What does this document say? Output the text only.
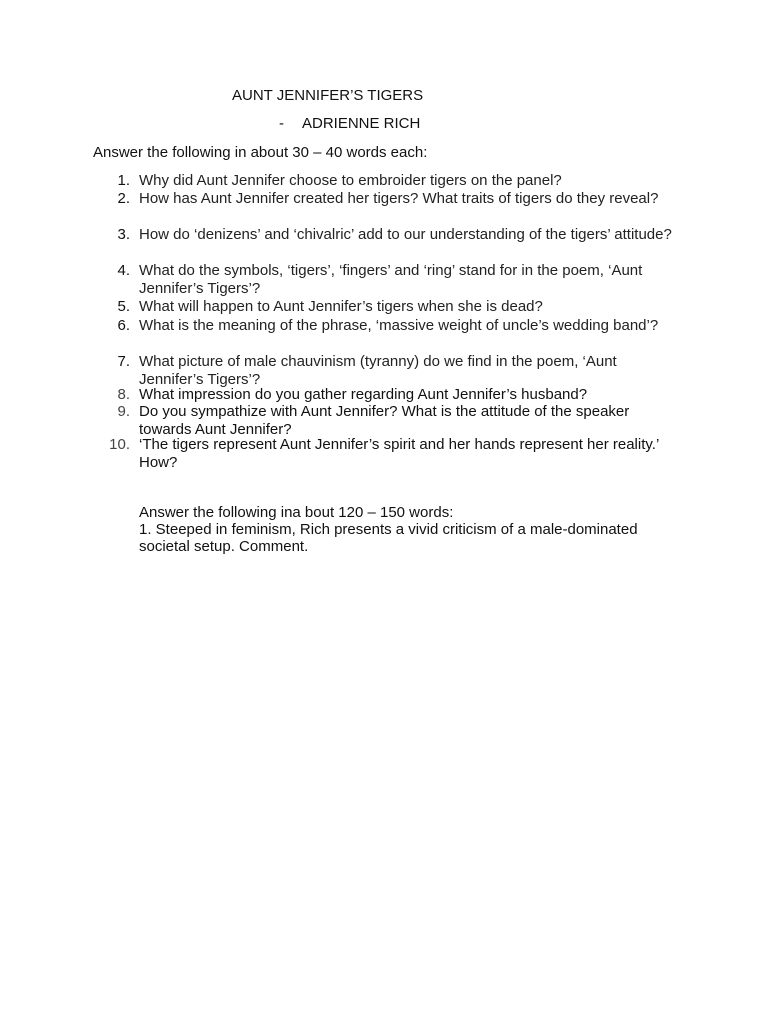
AUNT JENNIFER’S TIGERS
- ADRIENNE RICH
Answer the following in about 30 – 40 words each:
1. Why did Aunt Jennifer choose to embroider tigers on the panel?
2. How has Aunt Jennifer created her tigers? What traits of tigers do they reveal?
3. How do ‘denizens’ and ‘chivalric’ add to our understanding of the tigers’ attitude?
4. What do the symbols, ‘tigers’, ‘fingers’ and ‘ring’ stand for in the poem, ‘Aunt Jennifer’s Tigers’?
5. What will happen to Aunt Jennifer’s tigers when she is dead?
6. What is the meaning of the phrase, ‘massive weight of uncle’s wedding band’?
7. What picture of male chauvinism (tyranny) do we find in the poem, ‘Aunt Jennifer’s Tigers’?
8. What impression do you gather regarding Aunt Jennifer’s husband?
9. Do you sympathize with Aunt Jennifer? What is the attitude of the speaker towards Aunt Jennifer?
10. ‘The tigers represent Aunt Jennifer’s spirit and her hands represent her reality.’ How?
Answer the following ina bout 120 – 150 words:
1. Steeped in feminism, Rich presents a vivid criticism of a male-dominated societal setup. Comment.
